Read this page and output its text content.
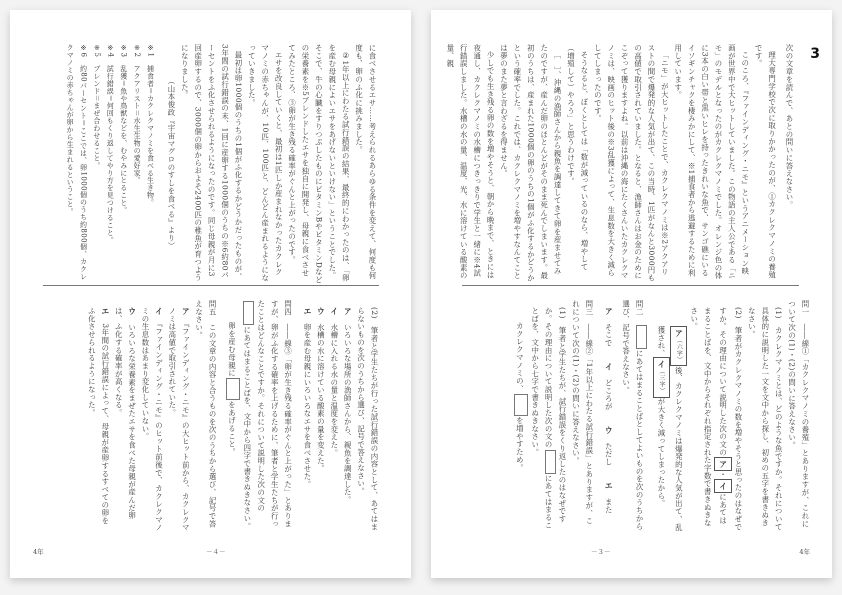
に食べさせるエサ……考えられるあらゆる条件を変えて、何度も何度も、卵のふ化に挑みました。

②1年以上にわたる試行錯誤の結果、最終的にわかったのは、「卵を産む母親によいエサをあげないといけない」ということでした。そこで、牛の心臓をすりつぶしたものにビタミンBやビタミンDなどの栄養素を※5ブレンドしたエサを独自に開発し、母親に食べさせてみたところ、③卵が生き残る確率がぐんと上がったのです。

エサを改良していくと、最初は1匹しか産まれなかったカクレクマノミの赤ちゃんが、10匹、100匹と、どんどん産まれるようになっていきました。

最初は卵1000個のうちの1個がふ化するかどうかだったものが、3年間の試行錯誤の末、1回に産卵する1000個のうちの※6約80パーセントをふ化させられるようになったのです。同じ母親が月に3回産卵するので、3000個の卵からおよそ2400匹の稚魚が育つようになりました。

（山本俊政『宇宙マグロのすしを食べる』より）

※1　捕食者＝カクレクマノミを食べる生き物。

※2　アクアリスト＝水生生物の愛好家。

※3　乱獲＝魚や鳥獣などを、むやみにとること。

※4　試行錯誤＝何回もくり返してやり方を見つけること。

※5　ブレンド＝まぜ合わせること。

※6　約80パーセント＝ここでは、卵1000個のうち約800個、カクレクマノミの赤ちゃんが卵から生まれるということ。

(2)　筆者と学生たちが行った試行錯誤の内容として、あてはまらないものを次のうちから選び、記号で答えなさい。

ア　いろいろな場所の漁師さんから、親魚を調達した。

イ　水槽に入れる水の量と温度を変えた。

ウ　水槽の水に溶けている酸素の量を変えた。

エ　卵を産む母親にいろいろなエサを食べさせた。

問四　――線③「卵が生き残る確率がぐんと上がった」とありますが、卵がふ化する確率を上げるために、筆者と学生たちが行ったことはどんなことですか。それについて説明した次の文のにあてはまることばを、文中から四字で書きぬきなさい。

卵を産む母親にをあげること。

問五　この文章の内容と合うものを次のうちから選び、記号で答えなさい。

ア　『ファインディング・ニモ』の大ヒット前から、カクレクマノミは高値で取引されていた。

イ　『ファインディング・ニモ』のヒット前後で、カクレクマノミの生息数はあまり変化していない。

ウ　いろいろな栄養素をまぜたエサを食べた母親が産んだ卵は、ふ化する確率が高くなる。

エ　3年間の試行錯誤によって、母親が産卵するすべての卵をふ化させられるようになった。

4年	－４－
3

次の文章を読んで、あとの問いに答えなさい。

理大専門学校で次に取りかかったのが、①カクレクマノミの養殖です。

このころ、『ファインディング・ニモ』というアニメーション映画が世界中で大ヒットしていました。この物語の主人公である「ニモ」のモデルとなったのがカクレクマノミでした。オレンジ色の体に3本の白い帯と黒いヒレを持ったきれいな魚で、サンゴ礁にいるイソギンチャクを棲みかにして、※1捕食者から逃避するために利用しています。

「ニモ」が大ヒットしたことで、カクレクマノミは※2アクアリストの間で爆発的な人気が出て、この当時、1匹がなんと3000円もの高値で取引されていました。となると、漁師さんはお金のためにこぞって獲りますよね。以前は沖縄の海にたくさんいたカクレクマノミは、映画のヒット後の※3乱獲によって、生息数を大きく減らしてしまったのです。

そうなると、ぼくとしては「数が減っているのなら、増やして（増殖して）やろう」と思うわけです。

［　］、沖縄の漁師さんから親魚を調達してきて卵を産ませてみたのですが、産んだ卵のほとんどがそのまま死んでしまいます。最初のうちは、産まれた1000個の卵のうちの1個がふ化するかどうかという確率でした。これでは、カクレクマノミを増やすなんてことは夢のまた夢と言わざるを得ません。

少しでも生き残る卵の数を増やそうと、朝から晩まで、ときには夜通し、カクレクマノミの水槽につきっきりで学生と一緒に※4試行錯誤しました。水槽の水の量、温度、光、水に溶けている酸素の量、親

問一　――線①「カクレクマノミの養殖」とありますが、これについて次の(1)・(2)の問いに答えなさい。

(1)　カクレクマノミとは、どのような魚ですか。それについて具体的に説明した一文を文中から探し、初めの五字を書きぬきなさい。

(2)　筆者がカクレクマノミの数を増やそうと思ったのはなぜですか。その理由について説明した次の文のア・イにあてはまることばを、文中からそれぞれ指定された字数で書きぬきなさい。

ア（六字）後、カクレクマノミは爆発的な人気が出て、乱獲され、イ（三字）が大きく減ってしまったから。

問二　にあてはまることばとしてよいものを次のうちから選び、記号で答えなさい。

ア　そこで　　イ　どころが　　ウ　ただし　　エ　また

問三　――線②「1年以上にわたる試行錯誤」とありますが、これについて次の(1)・(2)の問いに答えなさい。

(1)　筆者と学生たちが、試行錯誤をくり返したのはなぜですか。その理由について説明した次の文のにあてはまることばを、文中から七字で書きぬきなさい。

カクレクマノミの、を増やすため。

－３－	4年
